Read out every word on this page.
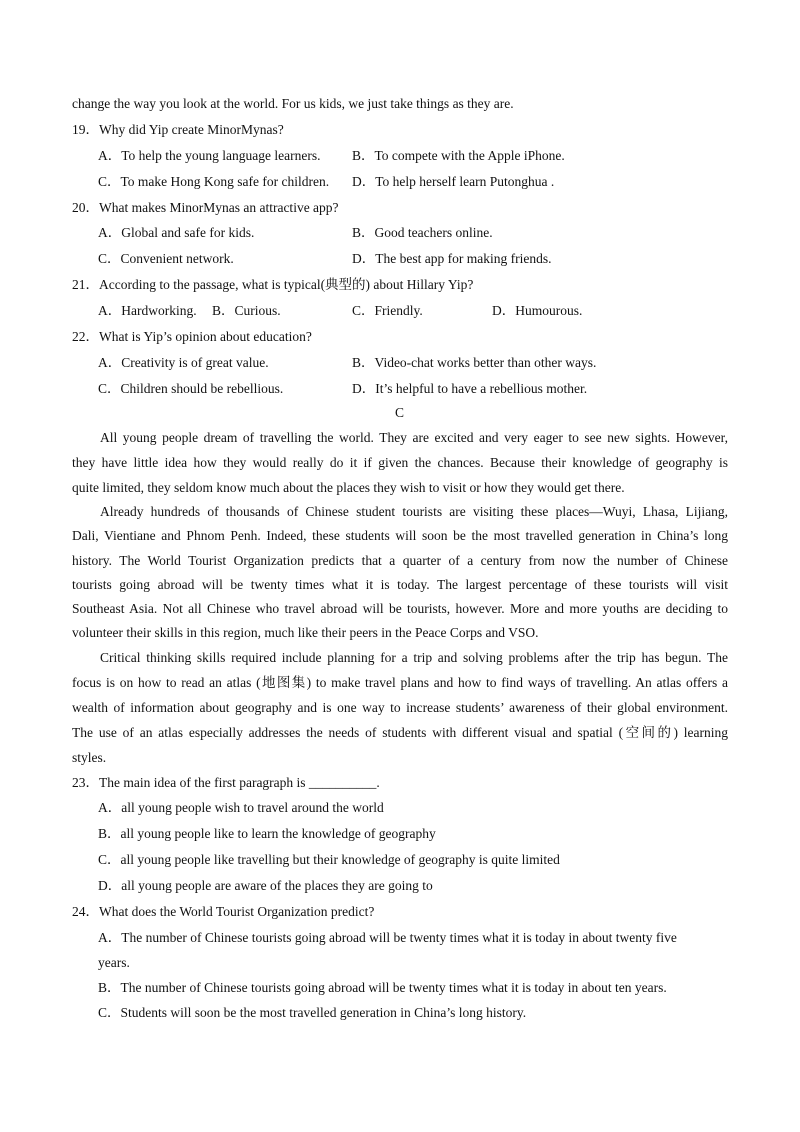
change the way you look at the world. For us kids, we just take things as they are.
19．Why did Yip create MinorMynas?
A．To help the young language learners. B．To compete with the Apple iPhone.
C．To make Hong Kong safe for children. D．To help herself learn Putonghua .
20．What makes MinorMynas an attractive app?
A．Global and safe for kids.	B．Good teachers online.
C．Convenient network.	D．The best app for making friends.
21．According to the passage, what is typical(典型的) about Hillary Yip?
A．Hardworking. B．Curious.	C．Friendly.	D．Humourous.
22．What is Yip’s opinion about education?
A．Creativity is of great value.	B．Video-chat works better than other ways.
C．Children should be rebellious.	D．It’s helpful to have a rebellious mother.
C
All young people dream of travelling the world. They are excited and very eager to see new sights. However,
they have little idea how they would really do it if given the chances. Because their knowledge of geography is
quite limited, they seldom know much about the places they wish to visit or how they would get there.
Already hundreds of thousands of Chinese student tourists are visiting these places—Wuyi, Lhasa, Lijiang,
Dali, Vientiane and Phnom Penh. Indeed, these students will soon be the most travelled generation in China’s long
history. The World Tourist Organization predicts that a quarter of a century from now the number of Chinese
tourists going abroad will be twenty times what it is today. The largest percentage of these tourists will visit
Southeast Asia. Not all Chinese who travel abroad will be tourists, however. More and more youths are deciding to
volunteer their skills in this region, much like their peers in the Peace Corps and VSO.
Critical thinking skills required include planning for a trip and solving problems after the trip has begun. The
focus is on how to read an atlas (地图集) to make travel plans and how to find ways of travelling. An atlas offers a
wealth of information about geography and is one way to increase students’ awareness of their global environment.
The use of an atlas especially addresses the needs of students with different visual and spatial (空间的) learning
styles.
23．The main idea of the first paragraph is __________.
A．all young people wish to travel around the world
B．all young people like to learn the knowledge of geography
C．all young people like travelling but their knowledge of geography is quite limited
D．all young people are aware of the places they are going to
24．What does the World Tourist Organization predict?
A．The number of Chinese tourists going abroad will be twenty times what it is today in about twenty five
years.
B．The number of Chinese tourists going abroad will be twenty times what it is today in about ten years.
C．Students will soon be the most travelled generation in China’s long history.
